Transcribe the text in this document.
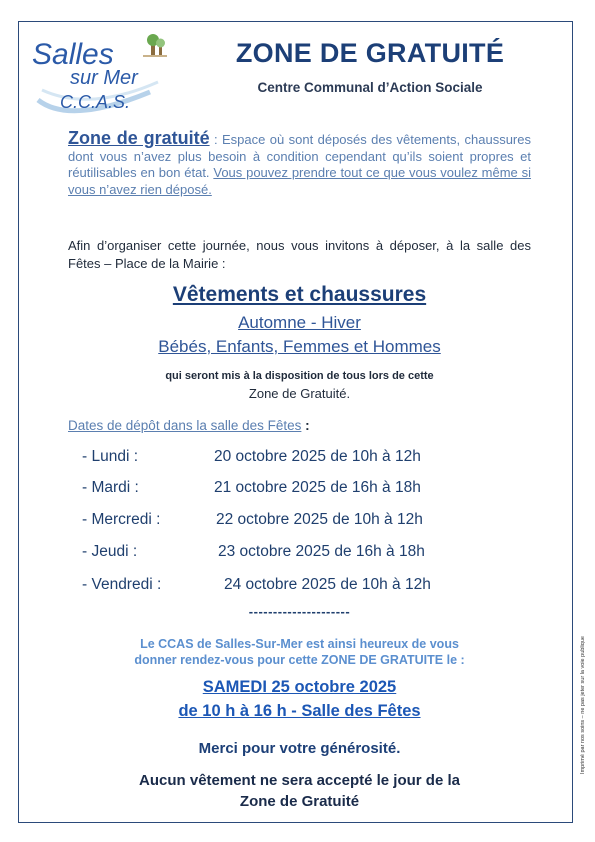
Salles
sur Mer
C.C.A.S.
ZONE DE GRATUITÉ
Centre Communal d’Action Sociale
Zone de gratuité : Espace où sont déposés des vêtements, chaussures dont vous n’avez plus besoin à condition cependant qu’ils soient propres et réutilisables en bon état. Vous pouvez prendre tout ce que vous voulez même si vous n’avez rien déposé.
Afin d’organiser cette journée, nous vous invitons à déposer, à la salle des Fêtes – Place de la Mairie :
Vêtements et chaussures
Automne - Hiver
Bébés, Enfants, Femmes et Hommes
qui seront mis à la disposition de tous lors de cette
Zone de Gratuité.
Dates de dépôt dans la salle des Fêtes :
- Lundi :	20 octobre 2025 de 10h à 12h
- Mardi :	21 octobre 2025 de 16h à 18h
- Mercredi :	22 octobre 2025 de 10h à 12h
- Jeudi :	23 octobre 2025 de 16h à 18h
- Vendredi :	24 octobre 2025 de 10h à 12h
---------------------
Le CCAS de Salles-Sur-Mer est ainsi heureux de vous
donner rendez-vous pour cette ZONE DE GRATUITE le :
SAMEDI 25 octobre 2025
de 10 h à 16 h - Salle des Fêtes
Merci pour votre générosité.
Aucun vêtement ne sera accepté le jour de la
Zone de Gratuité
Imprimé par nos soins – ne pas jeter sur la voie publique
